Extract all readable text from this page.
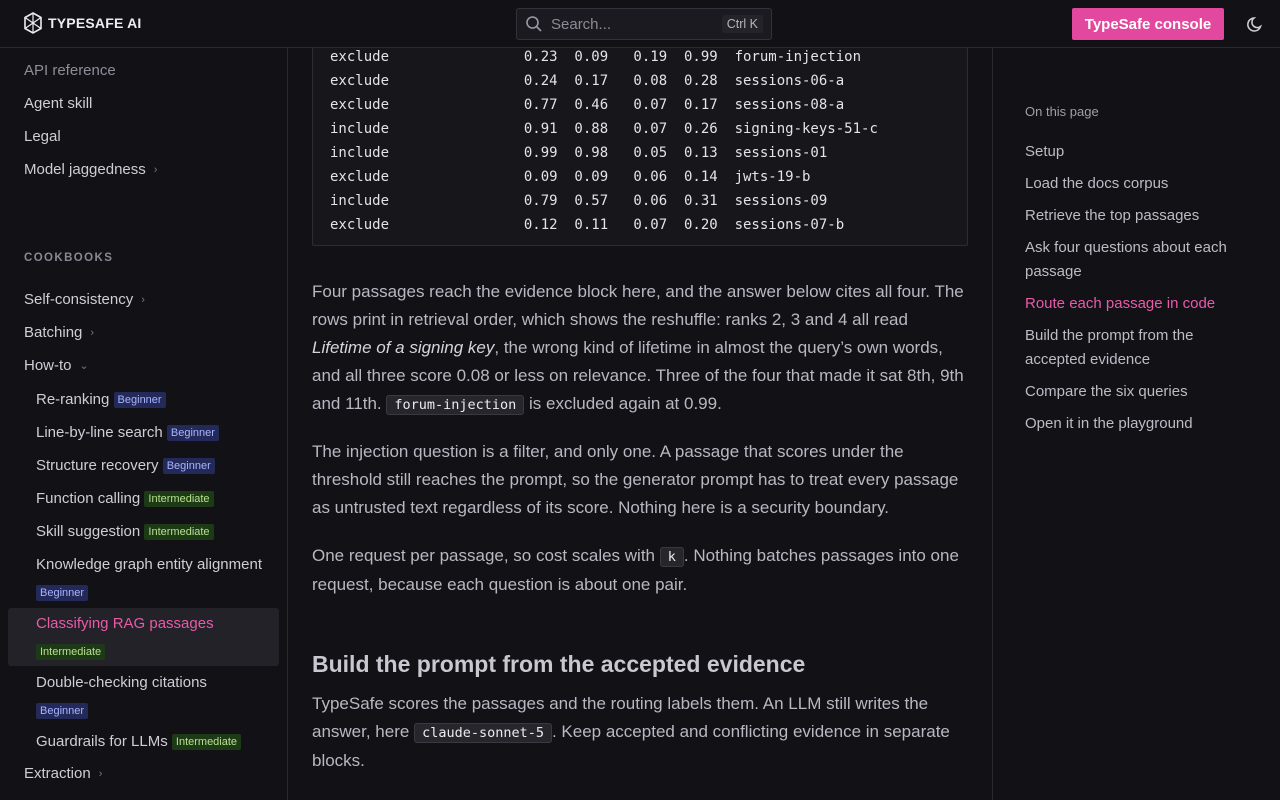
TYPESAFE AI	Search...	Ctrl K	TypeSafe console
API reference
Agent skill
Legal
Model jaggedness ›
COOKBOOKS
Self-consistency ›
Batching ›
How-to ⌄
Re-ranking Beginner
Line-by-line search Beginner
Structure recovery Beginner
Function calling Intermediate
Skill suggestion Intermediate
Knowledge graph entity alignment
Beginner
Classifying RAG passages
Intermediate
Double-checking citations
Beginner
Guardrails for LLMs Intermediate
Extraction ›
exclude                0.23  0.09   0.19  0.99  forum-injection
exclude                0.24  0.17   0.08  0.28  sessions-06-a
exclude                0.77  0.46   0.07  0.17  sessions-08-a
include                0.91  0.88   0.07  0.26  signing-keys-51-c
include                0.99  0.98   0.05  0.13  sessions-01
exclude                0.09  0.09   0.06  0.14  jwts-19-b
include                0.79  0.57   0.06  0.31  sessions-09
exclude                0.12  0.11   0.07  0.20  sessions-07-b

Four passages reach the evidence block here, and the answer below cites all four. The rows print in retrieval order, which shows the reshuffle: ranks 2, 3 and 4 all read Lifetime of a signing key, the wrong kind of lifetime in almost the query’s own words, and all three score 0.08 or less on relevance. Three of the four that made it sat 8th, 9th and 11th. forum-injection is excluded again at 0.99.

The injection question is a filter, and only one. A passage that scores under the threshold still reaches the prompt, so the generator prompt has to treat every passage as untrusted text regardless of its score. Nothing here is a security boundary.

One request per passage, so cost scales with k . Nothing batches passages into one request, because each question is about one pair.

Build the prompt from the accepted evidence

TypeSafe scores the passages and the routing labels them. An LLM still writes the answer, here claude-sonnet-5 . Keep accepted and conflicting evidence in separate blocks.

On this page
Setup
Load the docs corpus
Retrieve the top passages
Ask four questions about each passage
Route each passage in code
Build the prompt from the accepted evidence
Compare the six queries
Open it in the playground
